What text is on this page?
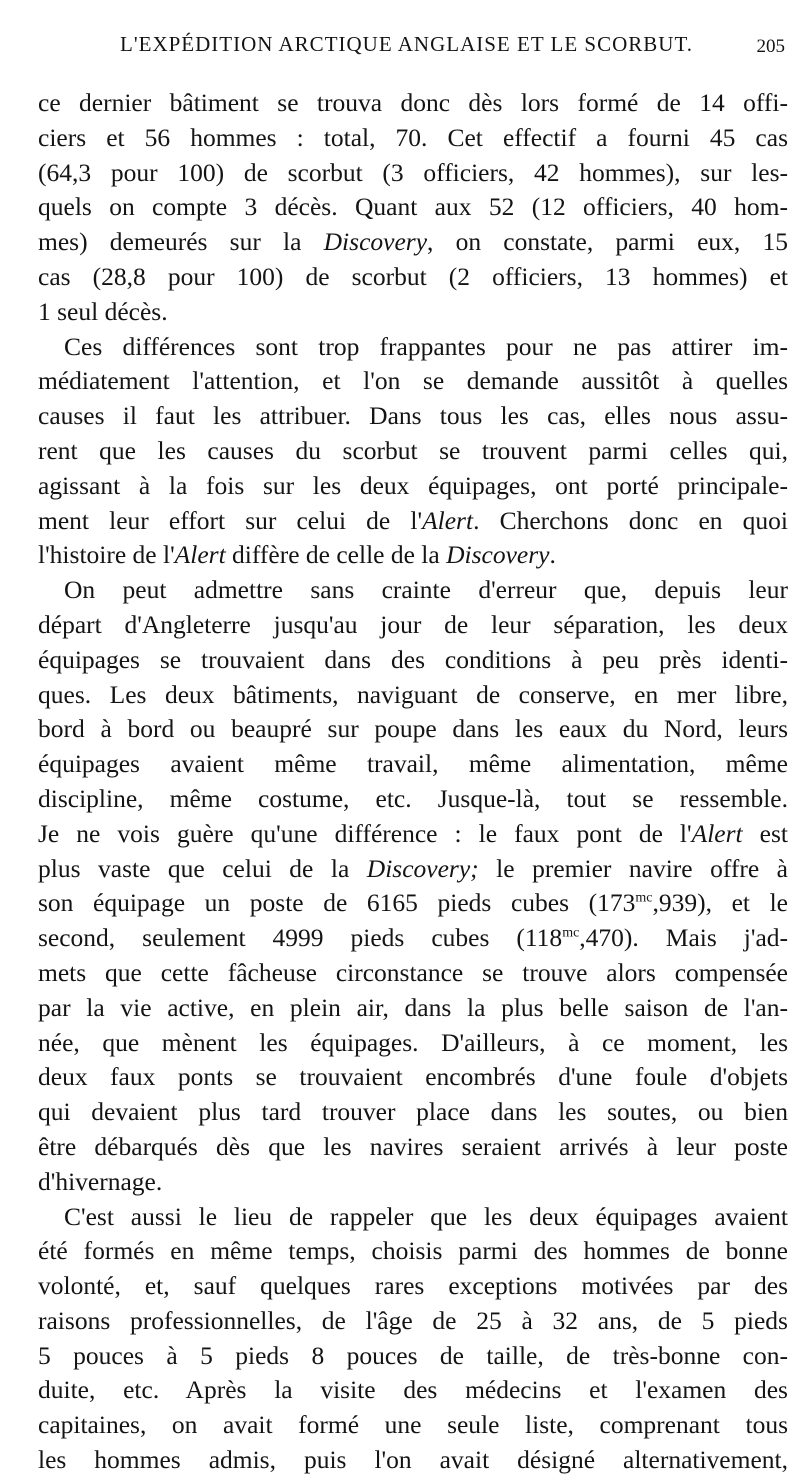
L'EXPÉDITION ARCTIQUE ANGLAISE ET LE SCORBUT.	205
ce dernier bâtiment se trouva donc dès lors formé de 14 offi-
ciers et 56 hommes : total, 70. Cet effectif a fourni 45 cas
(64,3 pour 100) de scorbut (3 officiers, 42 hommes), sur les-
quels on compte 3 décès. Quant aux 52 (12 officiers, 40 hom-
mes) demeurés sur la Discovery, on constate, parmi eux, 15
cas (28,8 pour 100) de scorbut (2 officiers, 13 hommes) et
1 seul décès.
Ces différences sont trop frappantes pour ne pas attirer im-
médiatement l'attention, et l'on se demande aussitôt à quelles
causes il faut les attribuer. Dans tous les cas, elles nous assu-
rent que les causes du scorbut se trouvent parmi celles qui,
agissant à la fois sur les deux équipages, ont porté principale-
ment leur effort sur celui de l'Alert. Cherchons donc en quoi
l'histoire de l'Alert diffère de celle de la Discovery.
On peut admettre sans crainte d'erreur que, depuis leur
départ d'Angleterre jusqu'au jour de leur séparation, les deux
équipages se trouvaient dans des conditions à peu près identi-
ques. Les deux bâtiments, naviguant de conserve, en mer libre,
bord à bord ou beaupré sur poupe dans les eaux du Nord, leurs
équipages avaient même travail, même alimentation, même
discipline, même costume, etc. Jusque-là, tout se ressemble.
Je ne vois guère qu'une différence : le faux pont de l'Alert est
plus vaste que celui de la Discovery; le premier navire offre à
son équipage un poste de 6165 pieds cubes $(173^{mc},939)$, et le
second, seulement 4999 pieds cubes $(118^{mc},470)$. Mais j'ad-
mets que cette fâcheuse circonstance se trouve alors compensée
par la vie active, en plein air, dans la plus belle saison de l'an-
née, que mènent les équipages. D'ailleurs, à ce moment, les
deux faux ponts se trouvaient encombrés d'une foule d'objets
qui devaient plus tard trouver place dans les soutes, ou bien
être débarqués dès que les navires seraient arrivés à leur poste
d'hivernage.
C'est aussi le lieu de rappeler que les deux équipages avaient
été formés en même temps, choisis parmi des hommes de bonne
volonté, et, sauf quelques rares exceptions motivées par des
raisons professionnelles, de l'âge de 25 à 32 ans, de 5 pieds
5 pouces à 5 pieds 8 pouces de taille, de très-bonne con-
duite, etc. Après la visite des médecins et l'examen des
capitaines, on avait formé une seule liste, comprenant tous
les hommes admis, puis l'on avait désigné alternativement,
